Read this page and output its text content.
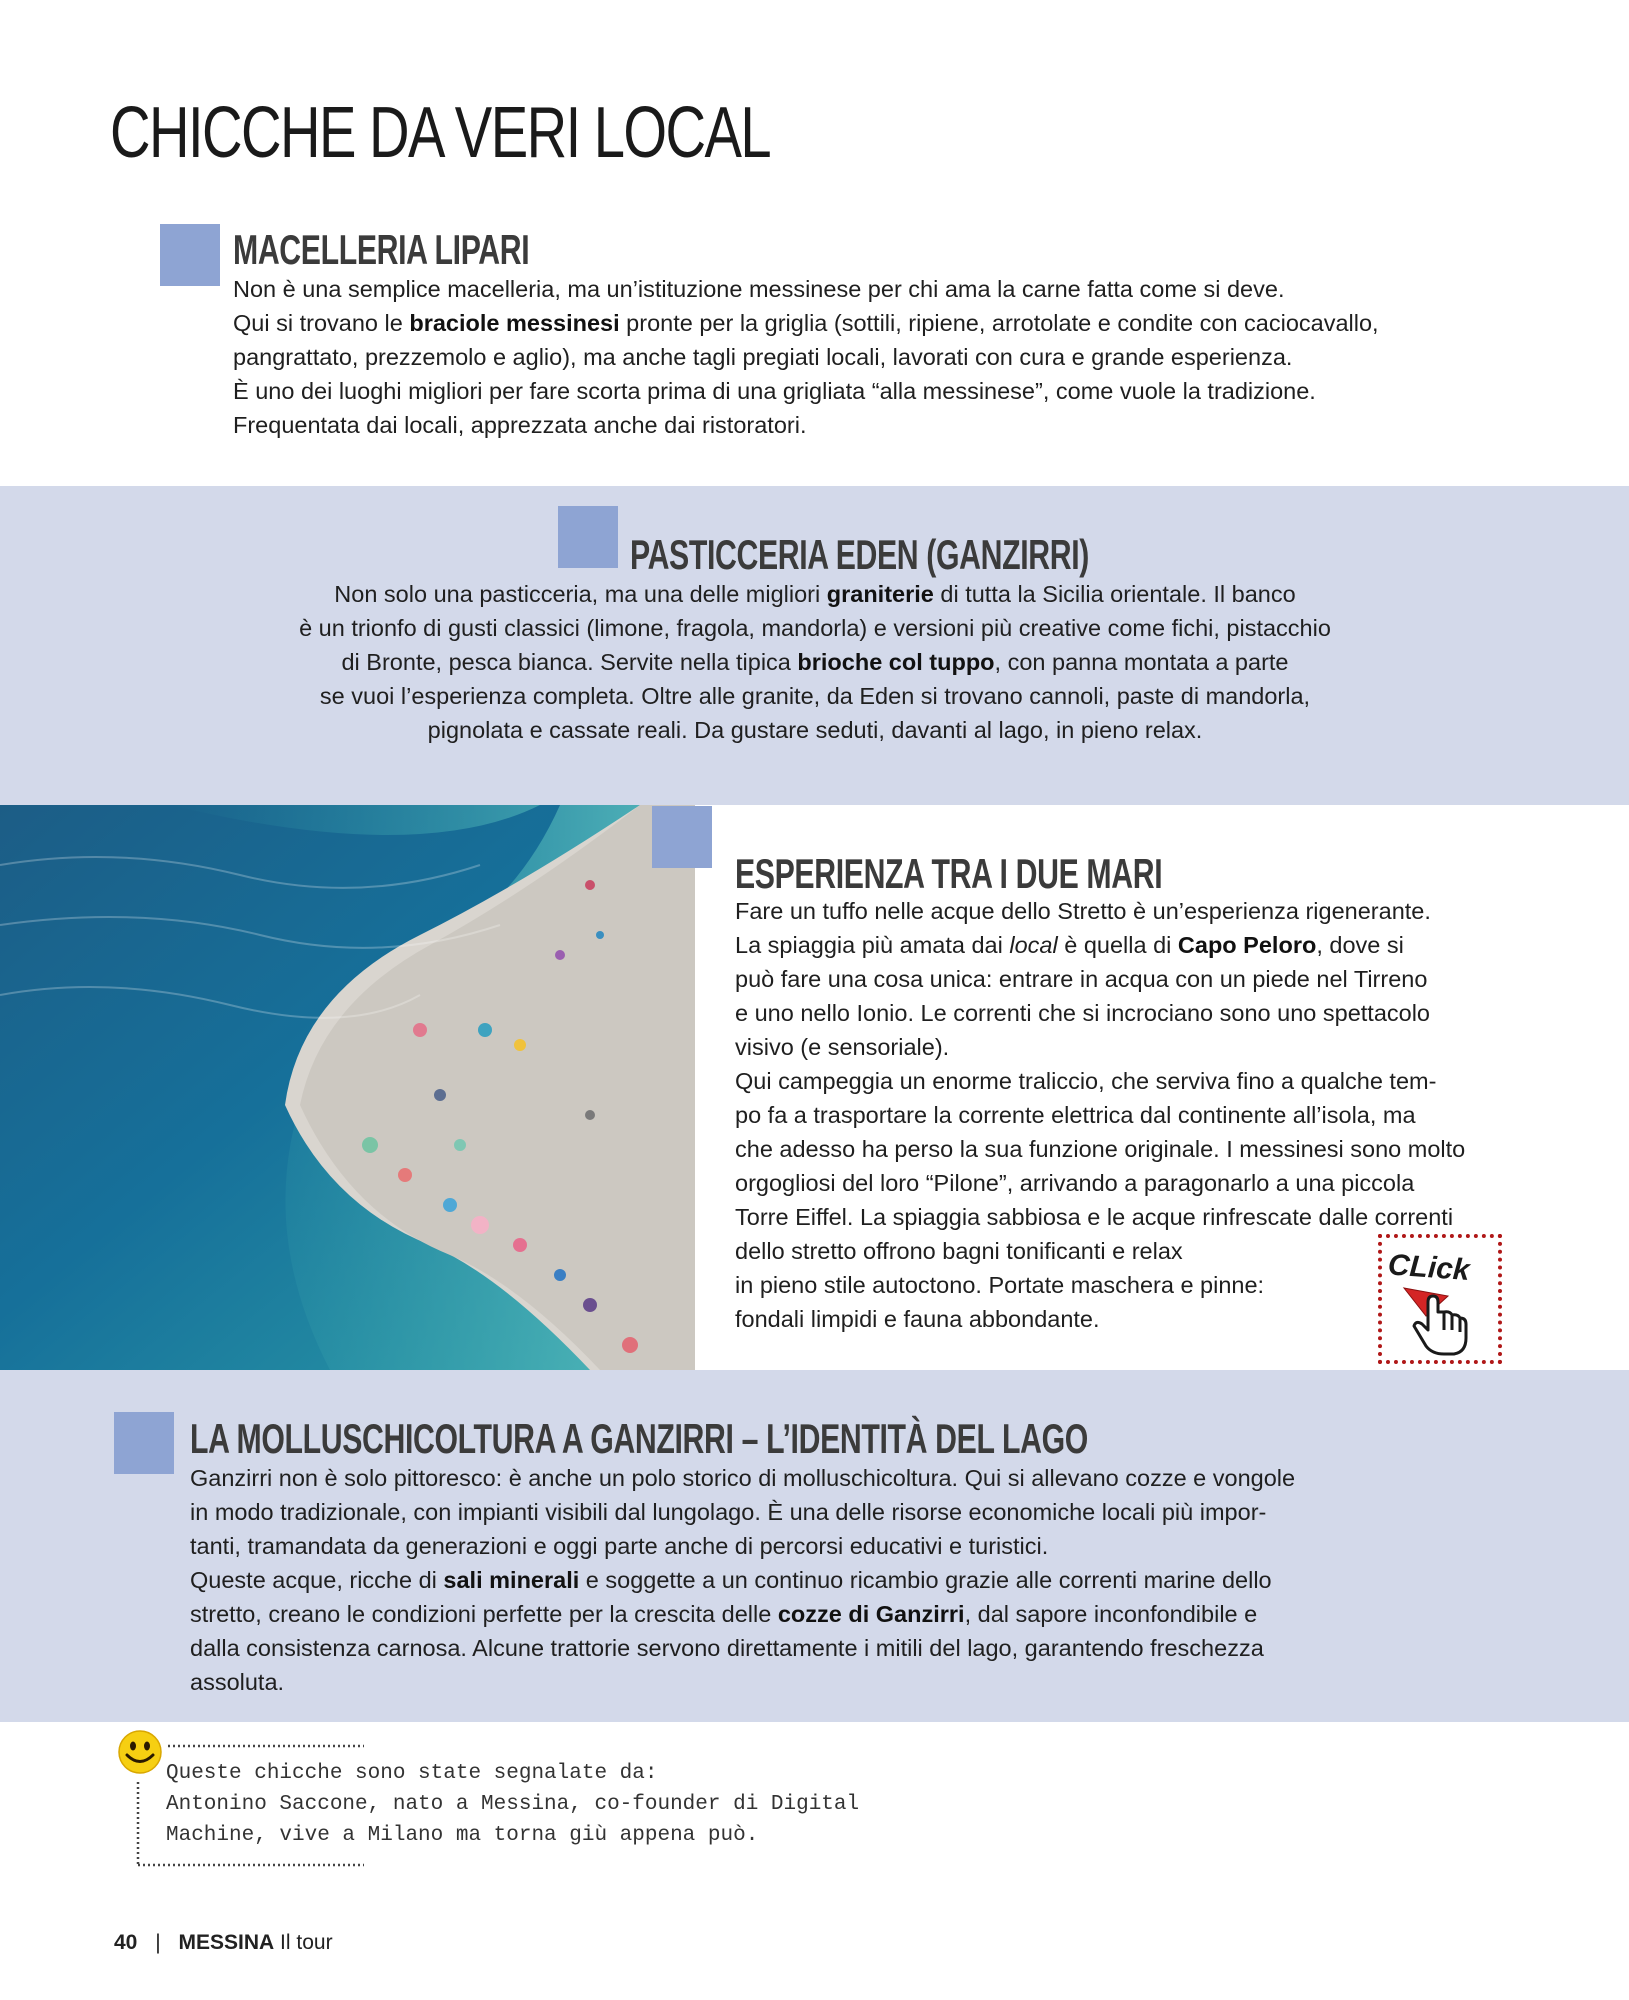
CHICCHE DA VERI LOCAL
MACELLERIA LIPARI

Non è una semplice macelleria, ma un’istituzione messinese per chi ama la carne fatta come si deve.

Qui si trovano le braciole messinesi pronte per la griglia (sottili, ripiene, arrotolate e condite con caciocavallo,

pangrattato, prezzemolo e aglio), ma anche tagli pregiati locali, lavorati con cura e grande esperienza.

È uno dei luoghi migliori per fare scorta prima di una grigliata “alla messinese”, come vuole la tradizione.

Frequentata dai locali, apprezzata anche dai ristoratori.

PASTICCERIA EDEN (GANZIRRI)

Non solo una pasticceria, ma una delle migliori graniterie di tutta la Sicilia orientale. Il banco

è un trionfo di gusti classici (limone, fragola, mandorla) e versioni più creative come fichi, pistacchio

di Bronte, pesca bianca. Servite nella tipica brioche col tuppo, con panna montata a parte

se vuoi l’esperienza completa. Oltre alle granite, da Eden si trovano cannoli, paste di mandorla,

pignolata e cassate reali. Da gustare seduti, davanti al lago, in pieno relax.

ESPERIENZA TRA I DUE MARI

Fare un tuffo nelle acque dello Stretto è un’esperienza rigenerante.

La spiaggia più amata dai local è quella di Capo Peloro, dove si

può fare una cosa unica: entrare in acqua con un piede nel Tirreno

e uno nello Ionio. Le correnti che si incrociano sono uno spettacolo

visivo (e sensoriale).

Qui campeggia un enorme traliccio, che serviva fino a qualche tem-

po fa a trasportare la corrente elettrica dal continente all’isola, ma

che adesso ha perso la sua funzione originale. I messinesi sono molto

orgogliosi del loro “Pilone”, arrivando a paragonarlo a una piccola

Torre Eiffel. La spiaggia sabbiosa e le acque rinfrescate dalle correnti

dello stretto offrono bagni tonificanti e relax

in pieno stile autoctono. Portate maschera e pinne:

fondali limpidi e fauna abbondante.

CLick
LA MOLLUSCHICOLTURA A GANZIRRI – L’IDENTITÀ DEL LAGO

Ganzirri non è solo pittoresco: è anche un polo storico di molluschicoltura. Qui si allevano cozze e vongole

in modo tradizionale, con impianti visibili dal lungolago. È una delle risorse economiche locali più impor-

tanti, tramandata da generazioni e oggi parte anche di percorsi educativi e turistici.

Queste acque, ricche di sali minerali e soggette a un continuo ricambio grazie alle correnti marine dello

stretto, creano le condizioni perfette per la crescita delle cozze di Ganzirri, dal sapore inconfondibile e

dalla consistenza carnosa. Alcune trattorie servono direttamente i mitili del lago, garantendo freschezza

assoluta.

Queste chicche sono state segnalate da:
Antonino Saccone, nato a Messina, co-founder di Digital
Machine, vive a Milano ma torna giù appena può.
40 | MESSINA Il tour
